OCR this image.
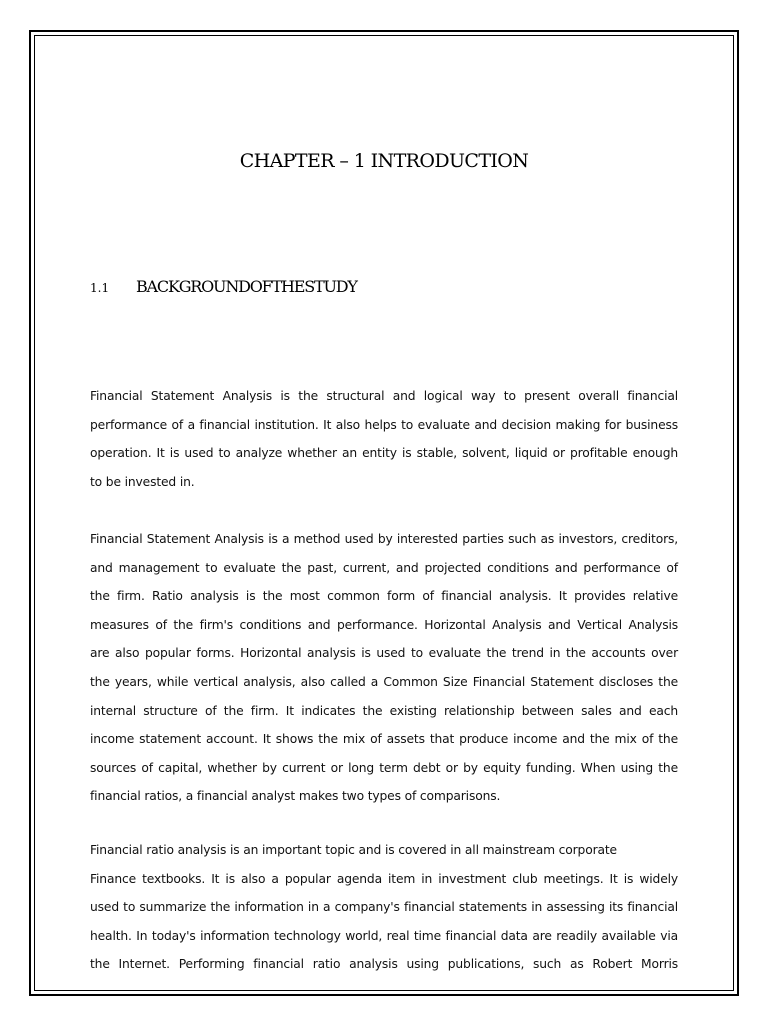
CHAPTER – 1 INTRODUCTION
1.1 BACKGROUNDOFTHESTUDY

Financial Statement Analysis is the structural and logical way to present overall financial
performance of a financial institution. It also helps to evaluate and decision making for business
operation. It is used to analyze whether an entity is stable, solvent, liquid or profitable enough
to be invested in.

Financial Statement Analysis is a method used by interested parties such as investors, creditors,
and management to evaluate the past, current, and projected conditions and performance of
the firm. Ratio analysis is the most common form of financial analysis. It provides relative
measures of the firm's conditions and performance. Horizontal Analysis and Vertical Analysis
are also popular forms. Horizontal analysis is used to evaluate the trend in the accounts over
the years, while vertical analysis, also called a Common Size Financial Statement discloses the
internal structure of the firm. It indicates the existing relationship between sales and each
income statement account. It shows the mix of assets that produce income and the mix of the
sources of capital, whether by current or long term debt or by equity funding. When using the
financial ratios, a financial analyst makes two types of comparisons.

Financial ratio analysis is an important topic and is covered in all mainstream corporate
Finance textbooks. It is also a popular agenda item in investment club meetings. It is widely
used to summarize the information in a company's financial statements in assessing its financial
health. In today's information technology world, real time financial data are readily available via
the Internet. Performing financial ratio analysis using publications, such as Robert Morris
